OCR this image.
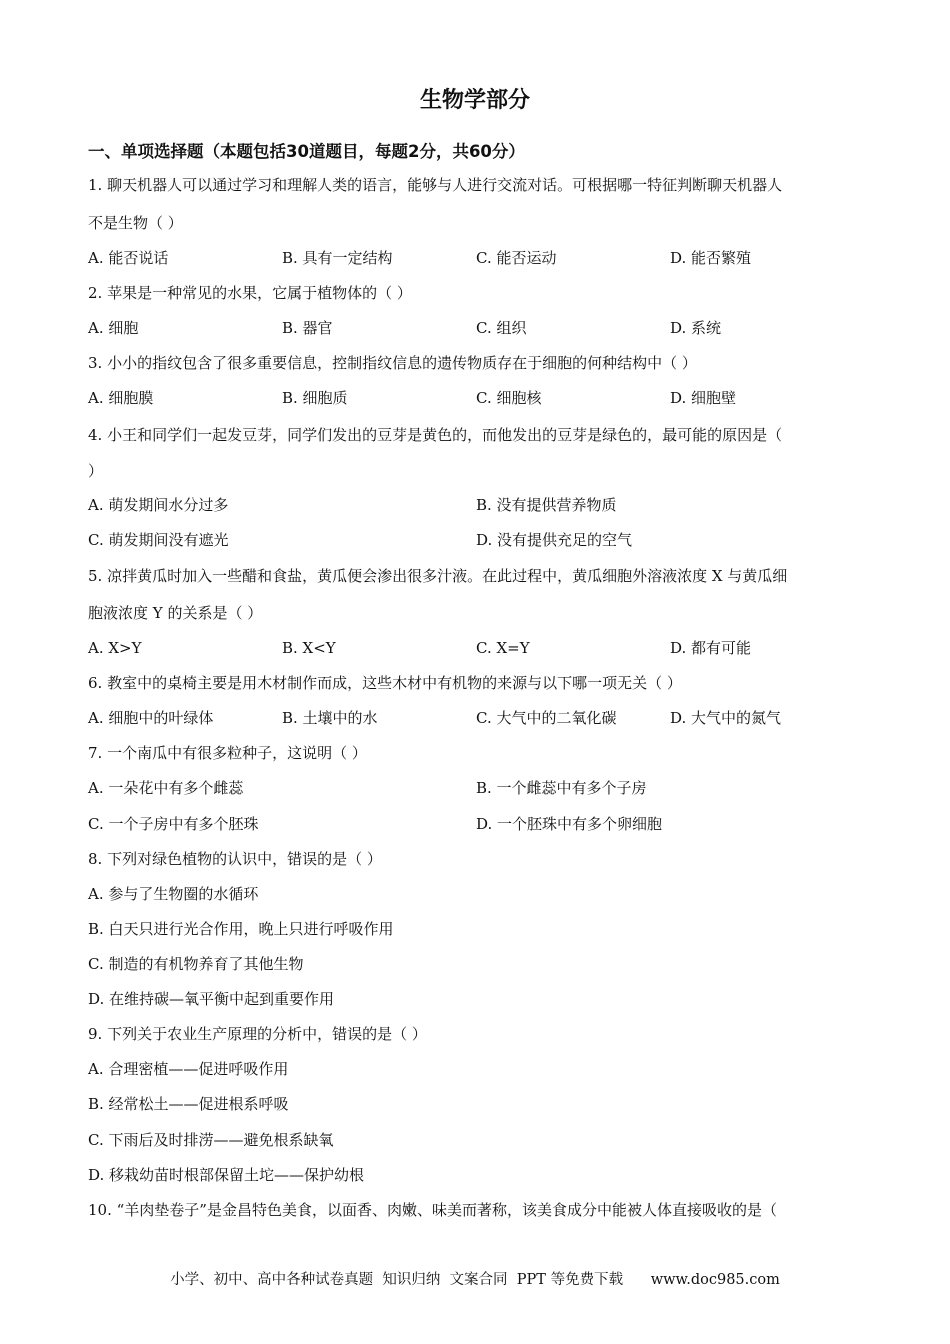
生物学部分
一、单项选择题（本题包括30道题目，每题2分，共60分）
1. 聊天机器人可以通过学习和理解人类的语言，能够与人进行交流对话。可根据哪一特征判断聊天机器人
不是生物（ ）
A. 能否说话	B. 具有一定结构	C. 能否运动	D. 能否繁殖
2. 苹果是一种常见的水果，它属于植物体的（ ）
A. 细胞	B. 器官	C. 组织	D. 系统
3. 小小的指纹包含了很多重要信息，控制指纹信息的遗传物质存在于细胞的何种结构中（ ）
A. 细胞膜	B. 细胞质	C. 细胞核	D. 细胞壁
4. 小王和同学们一起发豆芽，同学们发出的豆芽是黄色的，而他发出的豆芽是绿色的，最可能的原因是（
）
A. 萌发期间水分过多	B. 没有提供营养物质
C. 萌发期间没有遮光	D. 没有提供充足的空气
5. 凉拌黄瓜时加入一些醋和食盐，黄瓜便会渗出很多汁液。在此过程中，黄瓜细胞外溶液浓度 X 与黄瓜细
胞液浓度 Y 的关系是（ ）
A. X>Y	B. X<Y	C. X=Y	D. 都有可能
6. 教室中的桌椅主要是用木材制作而成，这些木材中有机物的来源与以下哪一项无关（ ）
A. 细胞中的叶绿体	B. 土壤中的水	C. 大气中的二氧化碳	D. 大气中的氮气
7. 一个南瓜中有很多粒种子，这说明（ ）
A. 一朵花中有多个雌蕊	B. 一个雌蕊中有多个子房
C. 一个子房中有多个胚珠	D. 一个胚珠中有多个卵细胞
8. 下列对绿色植物的认识中，错误的是（ ）
A. 参与了生物圈的水循环
B. 白天只进行光合作用，晚上只进行呼吸作用
C. 制造的有机物养育了其他生物
D. 在维持碳—氧平衡中起到重要作用
9. 下列关于农业生产原理的分析中，错误的是（ ）
A. 合理密植——促进呼吸作用
B. 经常松土——促进根系呼吸
C. 下雨后及时排涝——避免根系缺氧
D. 移栽幼苗时根部保留土坨——保护幼根
10. “羊肉垫卷子”是金昌特色美食，以面香、肉嫩、味美而著称，该美食成分中能被人体直接吸收的是（
小学、初中、高中各种试卷真题  知识归纳  文案合同  PPT 等免费下载      www.doc985.com
